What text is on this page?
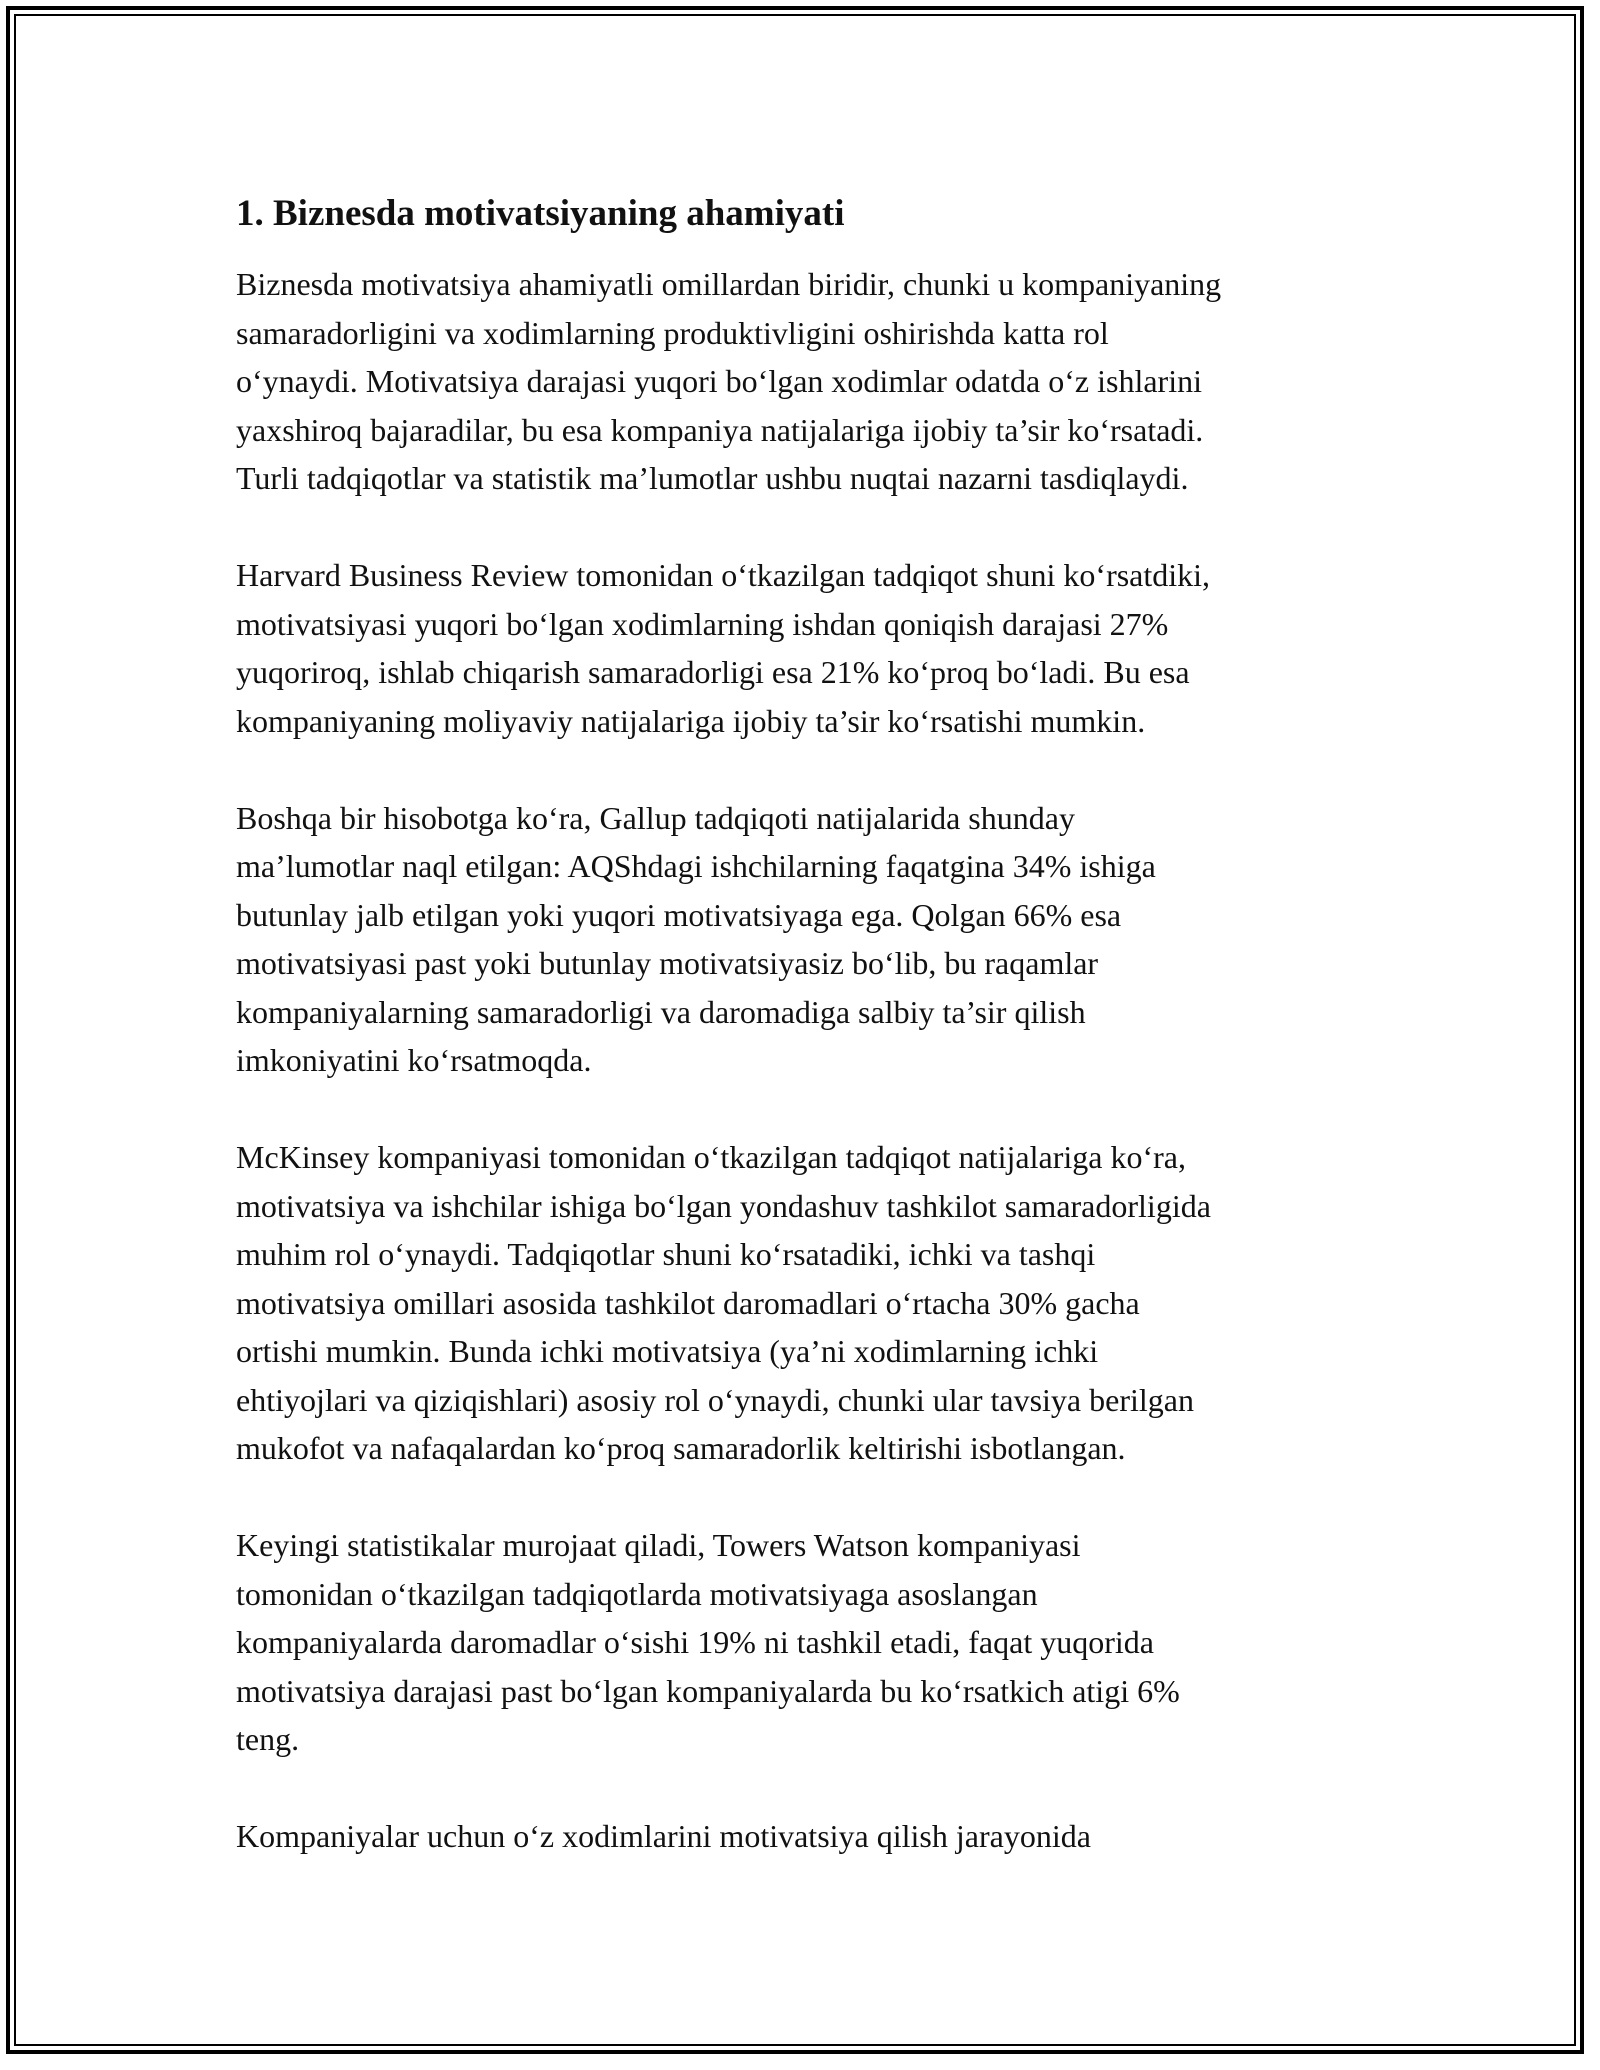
1. Biznesda motivatsiyaning ahamiyati
Biznesda motivatsiya ahamiyatli omillardan biridir, chunki u kompaniyaning
samaradorligini va xodimlarning produktivligini oshirishda katta rol
o‘ynaydi. Motivatsiya darajasi yuqori bo‘lgan xodimlar odatda o‘z ishlarini
yaxshiroq bajaradilar, bu esa kompaniya natijalariga ijobiy ta’sir ko‘rsatadi.
Turli tadqiqotlar va statistik ma’lumotlar ushbu nuqtai nazarni tasdiqlaydi.
Harvard Business Review tomonidan o‘tkazilgan tadqiqot shuni ko‘rsatdiki,
motivatsiyasi yuqori bo‘lgan xodimlarning ishdan qoniqish darajasi 27%
yuqoriroq, ishlab chiqarish samaradorligi esa 21% ko‘proq bo‘ladi. Bu esa
kompaniyaning moliyaviy natijalariga ijobiy ta’sir ko‘rsatishi mumkin.
Boshqa bir hisobotga ko‘ra, Gallup tadqiqoti natijalarida shunday
ma’lumotlar naql etilgan: AQShdagi ishchilarning faqatgina 34% ishiga
butunlay jalb etilgan yoki yuqori motivatsiyaga ega. Qolgan 66% esa
motivatsiyasi past yoki butunlay motivatsiyasiz bo‘lib, bu raqamlar
kompaniyalarning samaradorligi va daromadiga salbiy ta’sir qilish
imkoniyatini ko‘rsatmoqda.
McKinsey kompaniyasi tomonidan o‘tkazilgan tadqiqot natijalariga ko‘ra,
motivatsiya va ishchilar ishiga bo‘lgan yondashuv tashkilot samaradorligida
muhim rol o‘ynaydi. Tadqiqotlar shuni ko‘rsatadiki, ichki va tashqi
motivatsiya omillari asosida tashkilot daromadlari o‘rtacha 30% gacha
ortishi mumkin. Bunda ichki motivatsiya (ya’ni xodimlarning ichki
ehtiyojlari va qiziqishlari) asosiy rol o‘ynaydi, chunki ular tavsiya berilgan
mukofot va nafaqalardan ko‘proq samaradorlik keltirishi isbotlangan.
Keyingi statistikalar murojaat qiladi, Towers Watson kompaniyasi
tomonidan o‘tkazilgan tadqiqotlarda motivatsiyaga asoslangan
kompaniyalarda daromadlar o‘sishi 19% ni tashkil etadi, faqat yuqorida
motivatsiya darajasi past bo‘lgan kompaniyalarda bu ko‘rsatkich atigi 6%
teng.
Kompaniyalar uchun o‘z xodimlarini motivatsiya qilish jarayonida
